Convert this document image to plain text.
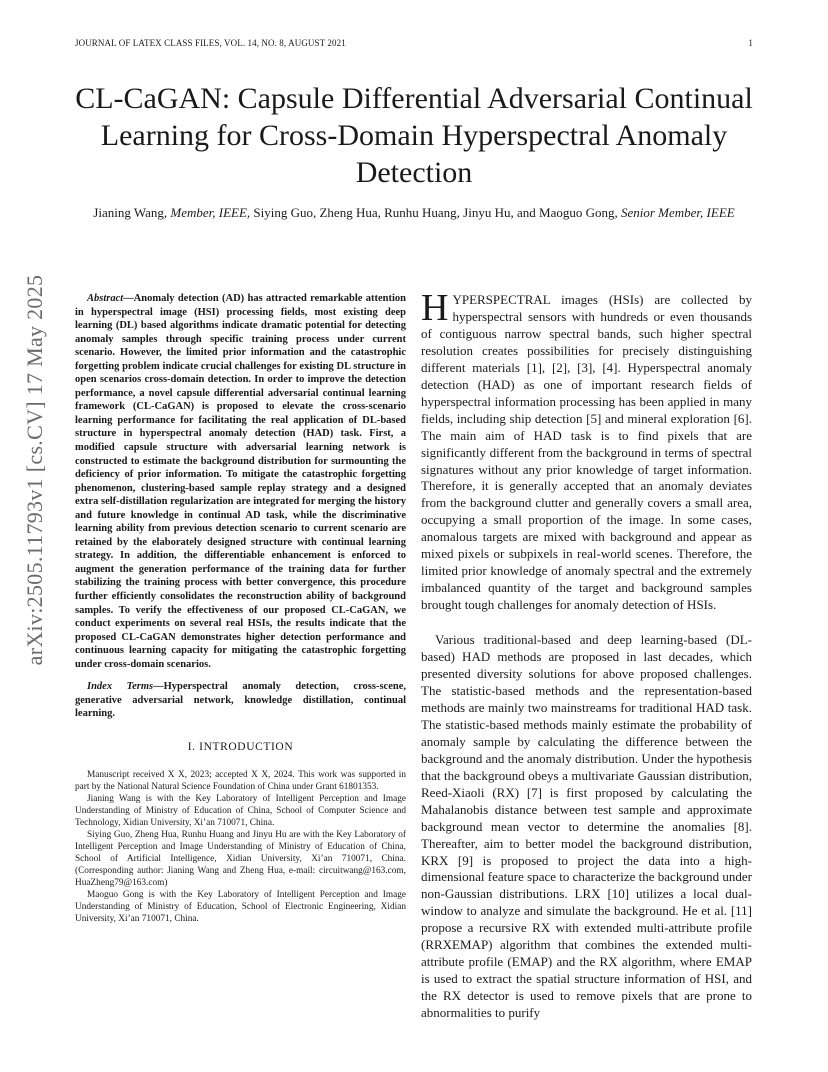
JOURNAL OF LATEX CLASS FILES, VOL. 14, NO. 8, AUGUST 2021	1
CL-CaGAN: Capsule Differential Adversarial Continual Learning for Cross-Domain Hyperspectral Anomaly Detection
Jianing Wang, Member, IEEE, Siying Guo, Zheng Hua, Runhu Huang, Jinyu Hu, and Maoguo Gong, Senior Member, IEEE
arXiv:2505.11793v1 [cs.CV] 17 May 2025	Abstract—Anomaly detection (AD) has attracted remarkable attention in hyperspectral image (HSI) processing fields, most existing deep learning (DL) based algorithms indicate dramatic potential for detecting anomaly samples through specific training process under current scenario. However, the limited prior information and the catastrophic forgetting problem indicate crucial challenges for existing DL structure in open scenarios cross-domain detection. In order to improve the detection performance, a novel capsule differential adversarial continual learning framework (CL-CaGAN) is proposed to elevate the cross-scenario learning performance for facilitating the real application of DL-based structure in hyperspectral anomaly detection (HAD) task. First, a modified capsule structure with adversarial learning network is constructed to estimate the background distribution for surmounting the deficiency of prior information. To mitigate the catastrophic forgetting phenomenon, clustering-based sample replay strategy and a designed extra self-distillation regularization are integrated for merging the history and future knowledge in continual AD task, while the discriminative learning ability from previous detection scenario to current scenario are retained by the elaborately designed structure with continual learning strategy. In addition, the differentiable enhancement is enforced to augment the generation performance of the training data for further stabilizing the training process with better convergence, this procedure further efficiently consolidates the reconstruction ability of background samples. To verify the effectiveness of our proposed CL-CaGAN, we conduct experiments on several real HSIs, the results indicate that the proposed CL-CaGAN demonstrates higher detection performance and continuous learning capacity for mitigating the catastrophic forgetting under cross-domain scenarios.

Index Terms—Hyperspectral anomaly detection, cross-scene, generative adversarial network, knowledge distillation, continual learning.

I. INTRODUCTION

Manuscript received X X, 2023; accepted X X, 2024. This work was supported in part by the National Natural Science Foundation of China under Grant 61801353.

Jianing Wang is with the Key Laboratory of Intelligent Perception and Image Understanding of Ministry of Education of China, School of Computer Science and Technology, Xidian University, Xi’an 710071, China.

Siying Guo, Zheng Hua, Runhu Huang and Jinyu Hu are with the Key Laboratory of Intelligent Perception and Image Understanding of Ministry of Education of China, School of Artificial Intelligence, Xidian University, Xi’an 710071, China. (Corresponding author: Jianing Wang and Zheng Hua, e-mail: circuitwang@163.com, HuaZheng79@163.com)

Maoguo Gong is with the Key Laboratory of Intelligent Perception and Image Understanding of Ministry of Education, School of Electronic Engineering, Xidian University, Xi’an 710071, China.

HYPERSPECTRAL images (HSIs) are collected by hyperspectral sensors with hundreds or even thousands of contiguous narrow spectral bands, such higher spectral resolution creates possibilities for precisely distinguishing different materials [1], [2], [3], [4]. Hyperspectral anomaly detection (HAD) as one of important research fields of hyperspectral information processing has been applied in many fields, including ship detection [5] and mineral exploration [6]. The main aim of HAD task is to find pixels that are significantly different from the background in terms of spectral signatures without any prior knowledge of target information. Therefore, it is generally accepted that an anomaly deviates from the background clutter and generally covers a small area, occupying a small proportion of the image. In some cases, anomalous targets are mixed with background and appear as mixed pixels or subpixels in real-world scenes. Therefore, the limited prior knowledge of anomaly spectral and the extremely imbalanced quantity of the target and background samples brought tough challenges for anomaly detection of HSIs.

Various traditional-based and deep learning-based (DL-based) HAD methods are proposed in last decades, which presented diversity solutions for above proposed challenges. The statistic-based methods and the representation-based methods are mainly two mainstreams for traditional HAD task. The statistic-based methods mainly estimate the probability of anomaly sample by calculating the difference between the background and the anomaly distribution. Under the hypothesis that the background obeys a multivariate Gaussian distribution, Reed-Xiaoli (RX) [7] is first proposed by calculating the Mahalanobis distance between test sample and approximate background mean vector to determine the anomalies [8]. Thereafter, aim to better model the background distribution, KRX [9] is proposed to project the data into a high-dimensional feature space to characterize the background under non-Gaussian distributions. LRX [10] utilizes a local dual-window to analyze and simulate the background. He et al. [11] propose a recursive RX with extended multi-attribute profile (RRXEMAP) algorithm that combines the extended multi-attribute profile (EMAP) and the RX algorithm, where EMAP is used to extract the spatial structure information of HSI, and the RX detector is used to remove pixels that are prone to abnormalities to purify
